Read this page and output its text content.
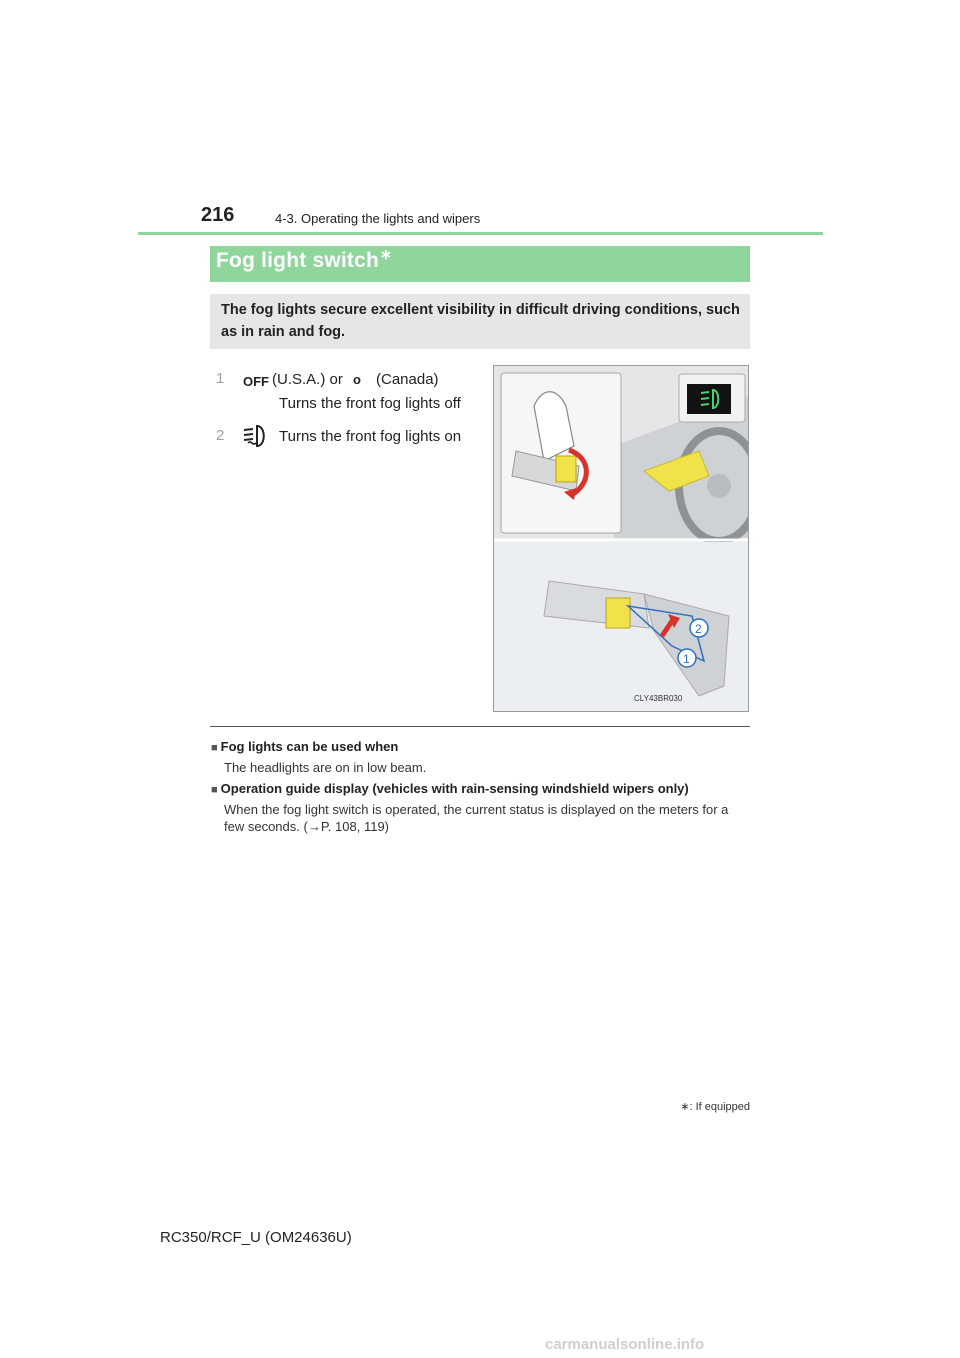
216	4-3. Operating the lights and wipers
Fog light switch∗
The fog lights secure excellent visibility in difficult driving conditions, such as in rain and fog.
1 OFF (U.S.A.) or o (Canada)
Turns the front fog lights off
2	Turns the front fog lights on
CLY43BR030
2
1
■ Fog lights can be used when
The headlights are on in low beam.
■ Operation guide display (vehicles with rain-sensing windshield wipers only)
When the fog light switch is operated, the current status is displayed on the meters for a few seconds. (→P. 108, 119)
∗: If equipped
RC350/RCF_U (OM24636U)
carmanualsonline.info
